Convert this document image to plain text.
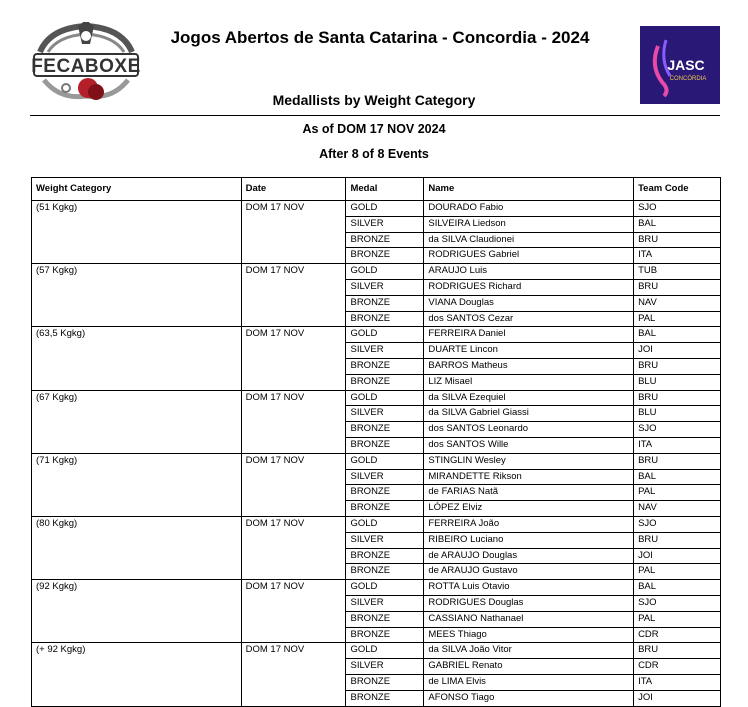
FECABOXE
Jogos Abertos de Santa Catarina - Concordia - 2024
JASC
CONCÓRDIA
Medallists by Weight Category
As of DOM 17 NOV 2024
After 8 of 8 Events
Weight Category	Date	Medal	Name	Team Code
(51 Kgkg)	DOM 17 NOV	GOLD	DOURADO Fabio	SJO
		SILVER	SILVEIRA Liedson	BAL
		BRONZE	da SILVA Claudionei	BRU
		BRONZE	RODRIGUES Gabriel	ITA
(57 Kgkg)	DOM 17 NOV	GOLD	ARAUJO Luis	TUB
		SILVER	RODRIGUES Richard	BRU
		BRONZE	VIANA Douglas	NAV
		BRONZE	dos SANTOS Cezar	PAL
(63,5 Kgkg)	DOM 17 NOV	GOLD	FERREIRA Daniel	BAL
		SILVER	DUARTE Lincon	JOI
		BRONZE	BARROS Matheus	BRU
		BRONZE	LIZ Misael	BLU
(67 Kgkg)	DOM 17 NOV	GOLD	da SILVA Ezequiel	BRU
		SILVER	da SILVA Gabriel Giassi	BLU
		BRONZE	dos SANTOS Leonardo	SJO
		BRONZE	dos SANTOS Wille	ITA
(71 Kgkg)	DOM 17 NOV	GOLD	STINGLIN Wesley	BRU
		SILVER	MIRANDETTE Rikson	BAL
		BRONZE	de FARIAS Natã	PAL
		BRONZE	LÓPEZ Elviz	NAV
(80 Kgkg)	DOM 17 NOV	GOLD	FERREIRA João	SJO
		SILVER	RIBEIRO Luciano	BRU
		BRONZE	de ARAUJO Douglas	JOI
		BRONZE	de ARAUJO Gustavo	PAL
(92 Kgkg)	DOM 17 NOV	GOLD	ROTTA Luis Otavio	BAL
		SILVER	RODRIGUES Douglas	SJO
		BRONZE	CASSIANO Nathanael	PAL
		BRONZE	MEES Thiago	CDR
(+ 92 Kgkg)	DOM 17 NOV	GOLD	da SILVA João Vitor	BRU
		SILVER	GABRIEL Renato	CDR
		BRONZE	de LIMA Elvis	ITA
		BRONZE	AFONSO Tiago	JOI
